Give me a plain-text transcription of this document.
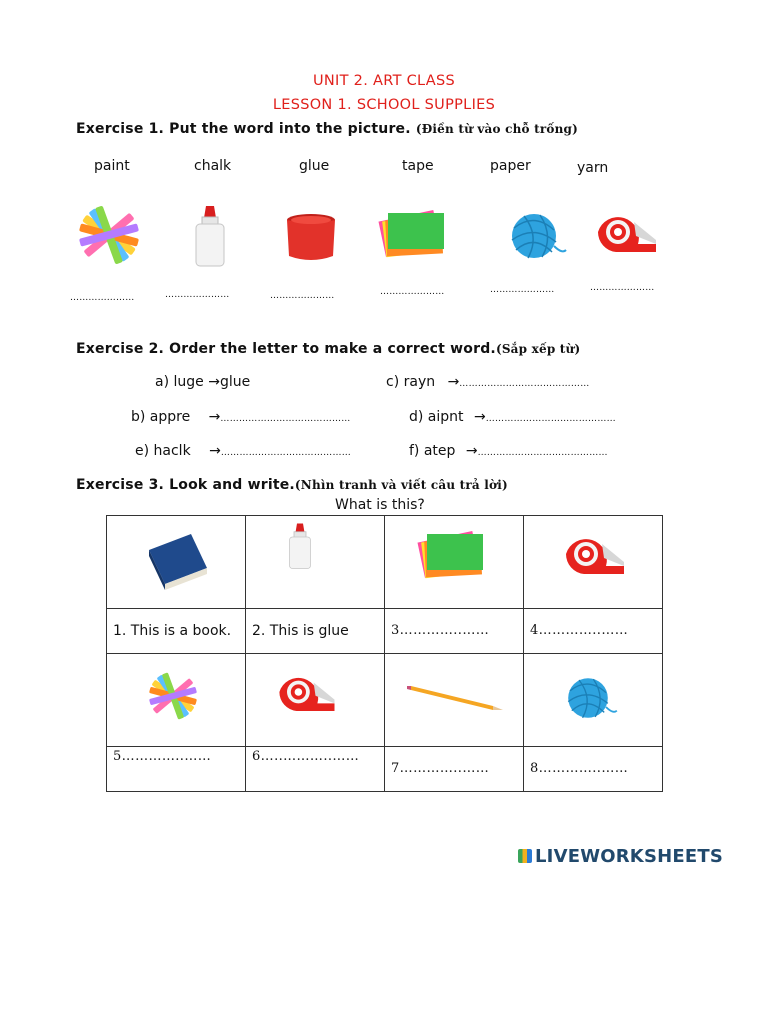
UNIT 2. ART CLASS
LESSON 1. SCHOOL SUPPLIES
Exercise 1. Put the word into the picture. (Điền từ vào chỗ trống)
paint	chalk	glue	tape	paper	yarn
…………………	…………………	…………………	…………………	…………………	…………………
Exercise 2. Order the letter to make a correct word.(Sắp xếp từ)
a) luge →glue	c) rayn →……………………………………
b) appre →……………………………………	d) aipnt →……………………………………
e) haclk →……………………………………	f) atep →……………………………………
Exercise 3. Look and write.(Nhìn tranh và viết câu trả lời)
What is this?

1. This is a book.	2. This is glue	3…………..……	4…………..……

5…………..……	6…..………..……	7…………..……	8…………..……
LIVEWORKSHEETS
